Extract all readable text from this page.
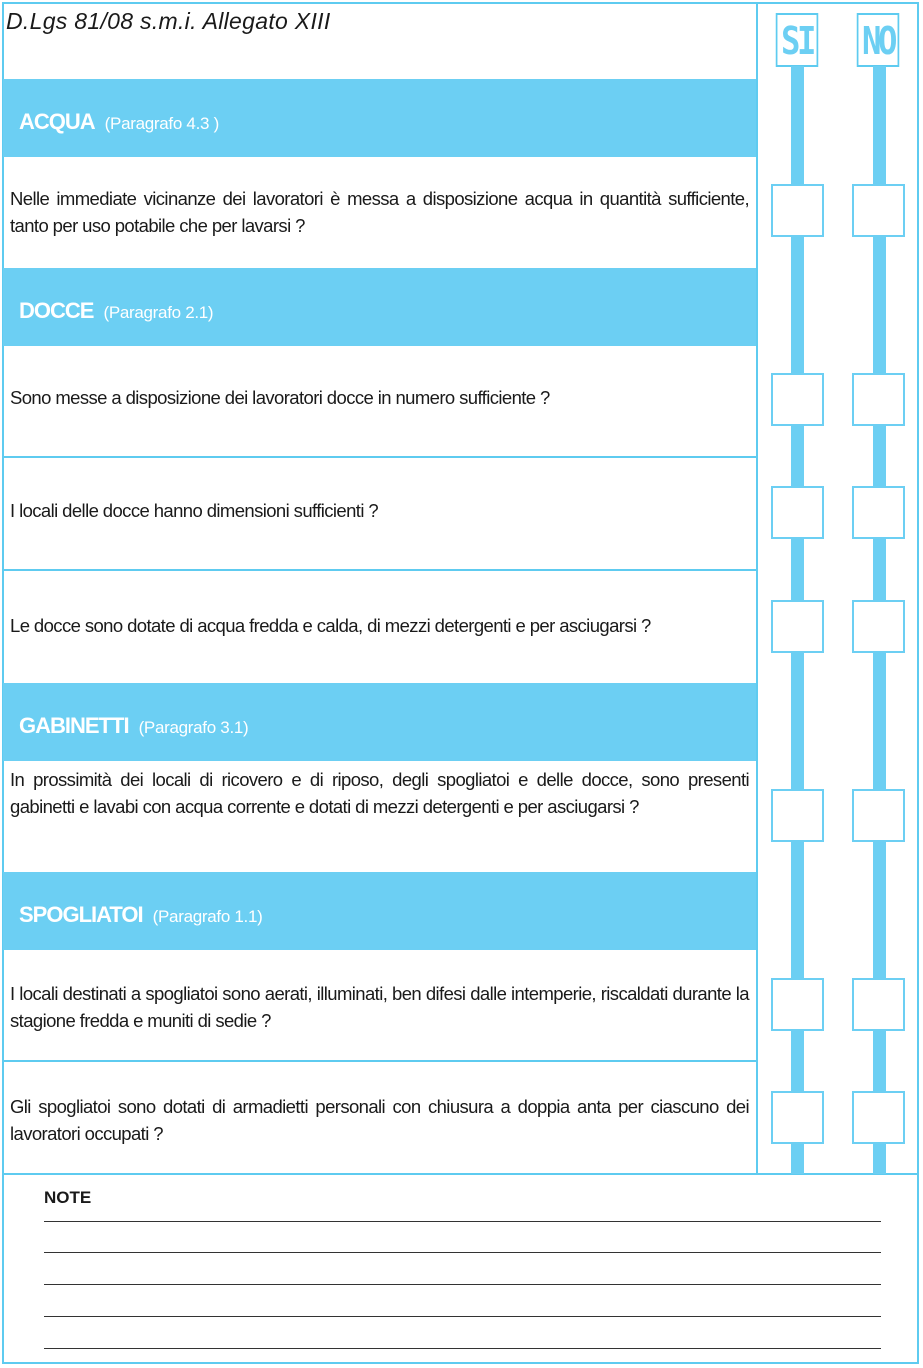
D.Lgs 81/08 s.m.i. Allegato XIII
ACQUA (Paragrafo 4.3 )
DOCCE (Paragrafo 2.1)
GABINETTI (Paragrafo 3.1)
SPOGLIATOI (Paragrafo 1.1)
Nelle immediate vicinanze dei lavoratori è messa a disposizione acqua in quantità sufficiente, tanto per uso potabile che per lavarsi ?
Sono messe a disposizione dei lavoratori docce in numero sufficiente ?
I locali delle docce hanno dimensioni sufficienti ?
Le docce sono dotate di acqua fredda e calda, di mezzi detergenti e per asciugarsi ?
In prossimità dei locali di ricovero e di riposo, degli spogliatoi e delle docce, sono presenti gabinetti e lavabi con acqua corrente e dotati di mezzi detergenti e per asciugarsi ?
I locali destinati a spogliatoi sono aerati, illuminati, ben difesi dalle intemperie, riscaldati durante la stagione fredda e muniti di sedie ?
Gli spogliatoi sono dotati di armadietti personali con chiusura a doppia anta per ciascuno dei lavoratori occupati ?
SI NO
NOTE
